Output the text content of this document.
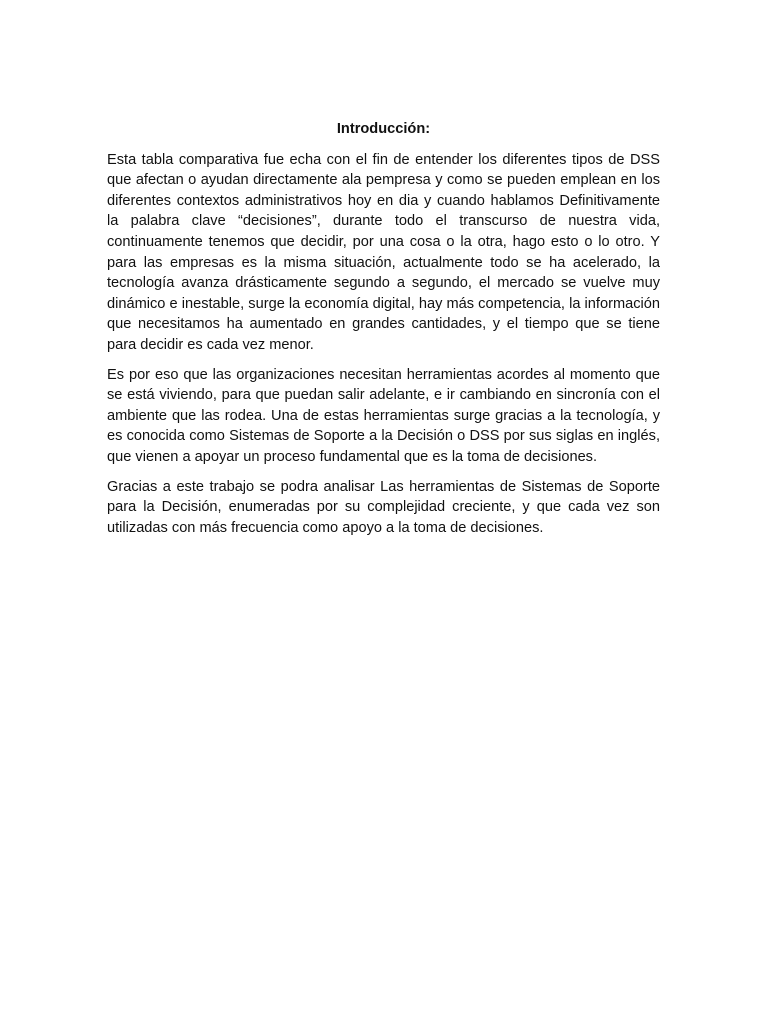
Introducción:

Esta tabla comparativa fue echa con el fin de entender los diferentes tipos de DSS que afectan o ayudan directamente ala pempresa y como se pueden emplean en los diferentes contextos administrativos hoy en dia y cuando hablamos Definitivamente la palabra clave “decisiones”, durante todo el transcurso de nuestra vida, continuamente tenemos que decidir, por una cosa o la otra, hago esto o lo otro. Y para las empresas es la misma situación, actualmente todo se ha acelerado, la tecnología avanza drásticamente segundo a segundo, el mercado se vuelve muy dinámico e inestable, surge la economía digital, hay más competencia, la información que necesitamos ha aumentado en grandes cantidades, y el tiempo que se tiene para decidir es cada vez menor.

Es por eso que las organizaciones necesitan herramientas acordes al momento que se está viviendo, para que puedan salir adelante, e ir cambiando en sincronía con el ambiente que las rodea. Una de estas herramientas surge gracias a la tecnología, y es conocida como Sistemas de Soporte a la Decisión o DSS por sus siglas en inglés, que vienen a apoyar un proceso fundamental que es la toma de decisiones.

Gracias a este trabajo se podra analisar Las herramientas de Sistemas de Soporte para la Decisión, enumeradas por su complejidad creciente, y que cada vez son utilizadas con más frecuencia como apoyo a la toma de decisiones.
